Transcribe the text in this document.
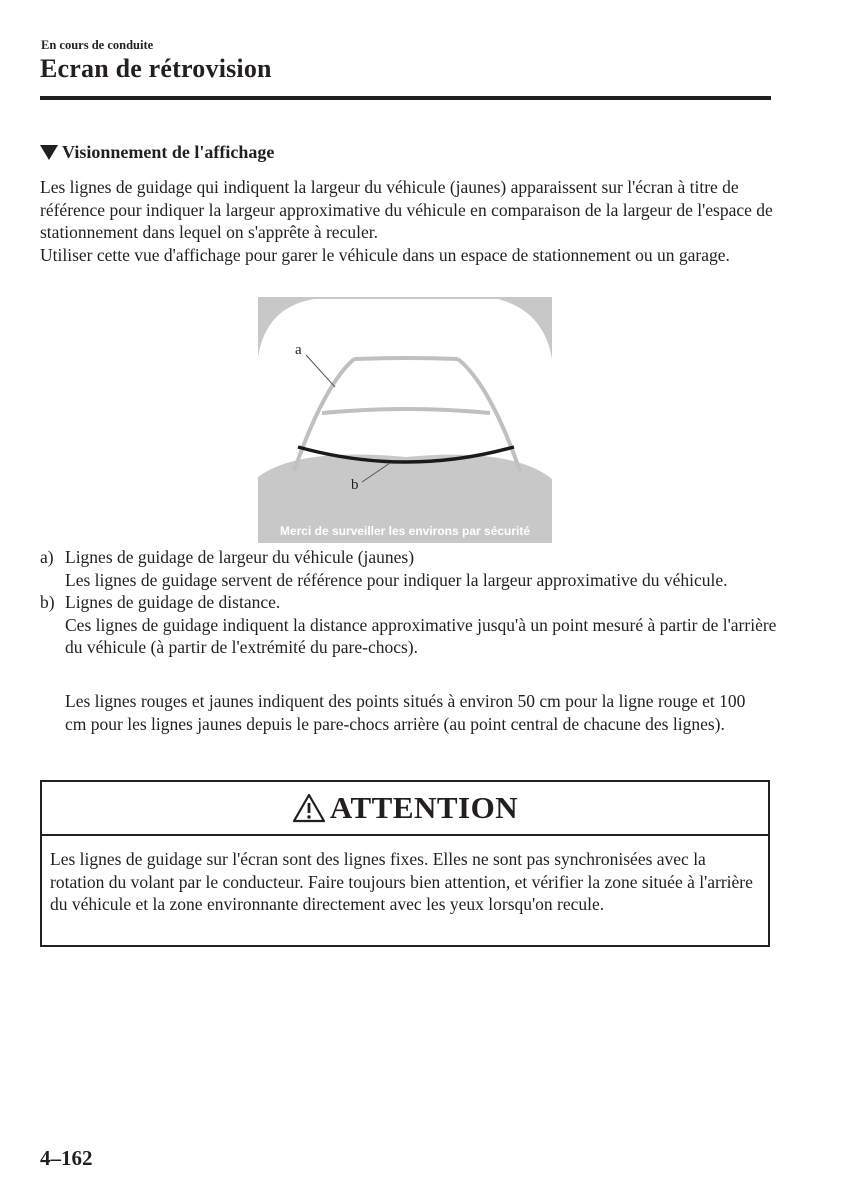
En cours de conduite
Ecran de rétrovision
Visionnement de l'affichage

Les lignes de guidage qui indiquent la largeur du véhicule (jaunes) apparaissent sur l'écran à titre de référence pour indiquer la largeur approximative du véhicule en comparaison de la largeur de l'espace de stationnement dans lequel on s'apprête à reculer.

Utiliser cette vue d'affichage pour garer le véhicule dans un espace de stationnement ou un garage.

a
b
Merci de surveiller les environs par sécurité
a) Lignes de guidage de largeur du véhicule (jaunes)
Les lignes de guidage servent de référence pour indiquer la largeur approximative du véhicule.
b) Lignes de guidage de distance.
Ces lignes de guidage indiquent la distance approximative jusqu'à un point mesuré à partir de l'arrière du véhicule (à partir de l'extrémité du pare-chocs).
Les lignes rouges et jaunes indiquent des points situés à environ 50 cm pour la ligne rouge et 100 cm pour les lignes jaunes depuis le pare-chocs arrière (au point central de chacune des lignes).
ATTENTION
Les lignes de guidage sur l'écran sont des lignes fixes. Elles ne sont pas synchronisées avec la rotation du volant par le conducteur. Faire toujours bien attention, et vérifier la zone située à l'arrière du véhicule et la zone environnante directement avec les yeux lorsqu'on recule.
4–162
